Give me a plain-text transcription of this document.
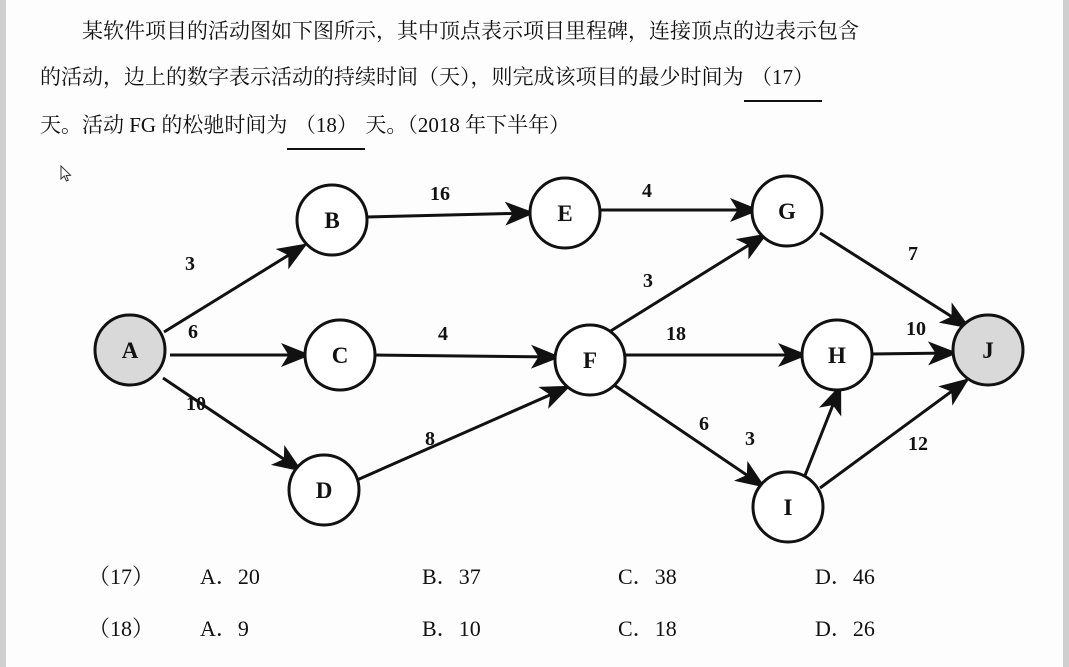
某软件项目的活动图如下图所示，其中顶点表示项目里程碑，连接顶点的边表示包含

的活动，边上的数字表示活动的持续时间（天），则完成该项目的最少时间为 （17）

天。活动 FG 的松驰时间为 （18） 天。（2018 年下半年）

A
B
C
D
E
F
G
H
I
J
3
6
10
16	4
4
8
3
18
6
3
7
10
12
（17） A．20	B．37	C．38	D．46
（18） A．9	B．10	C．18	D．26
